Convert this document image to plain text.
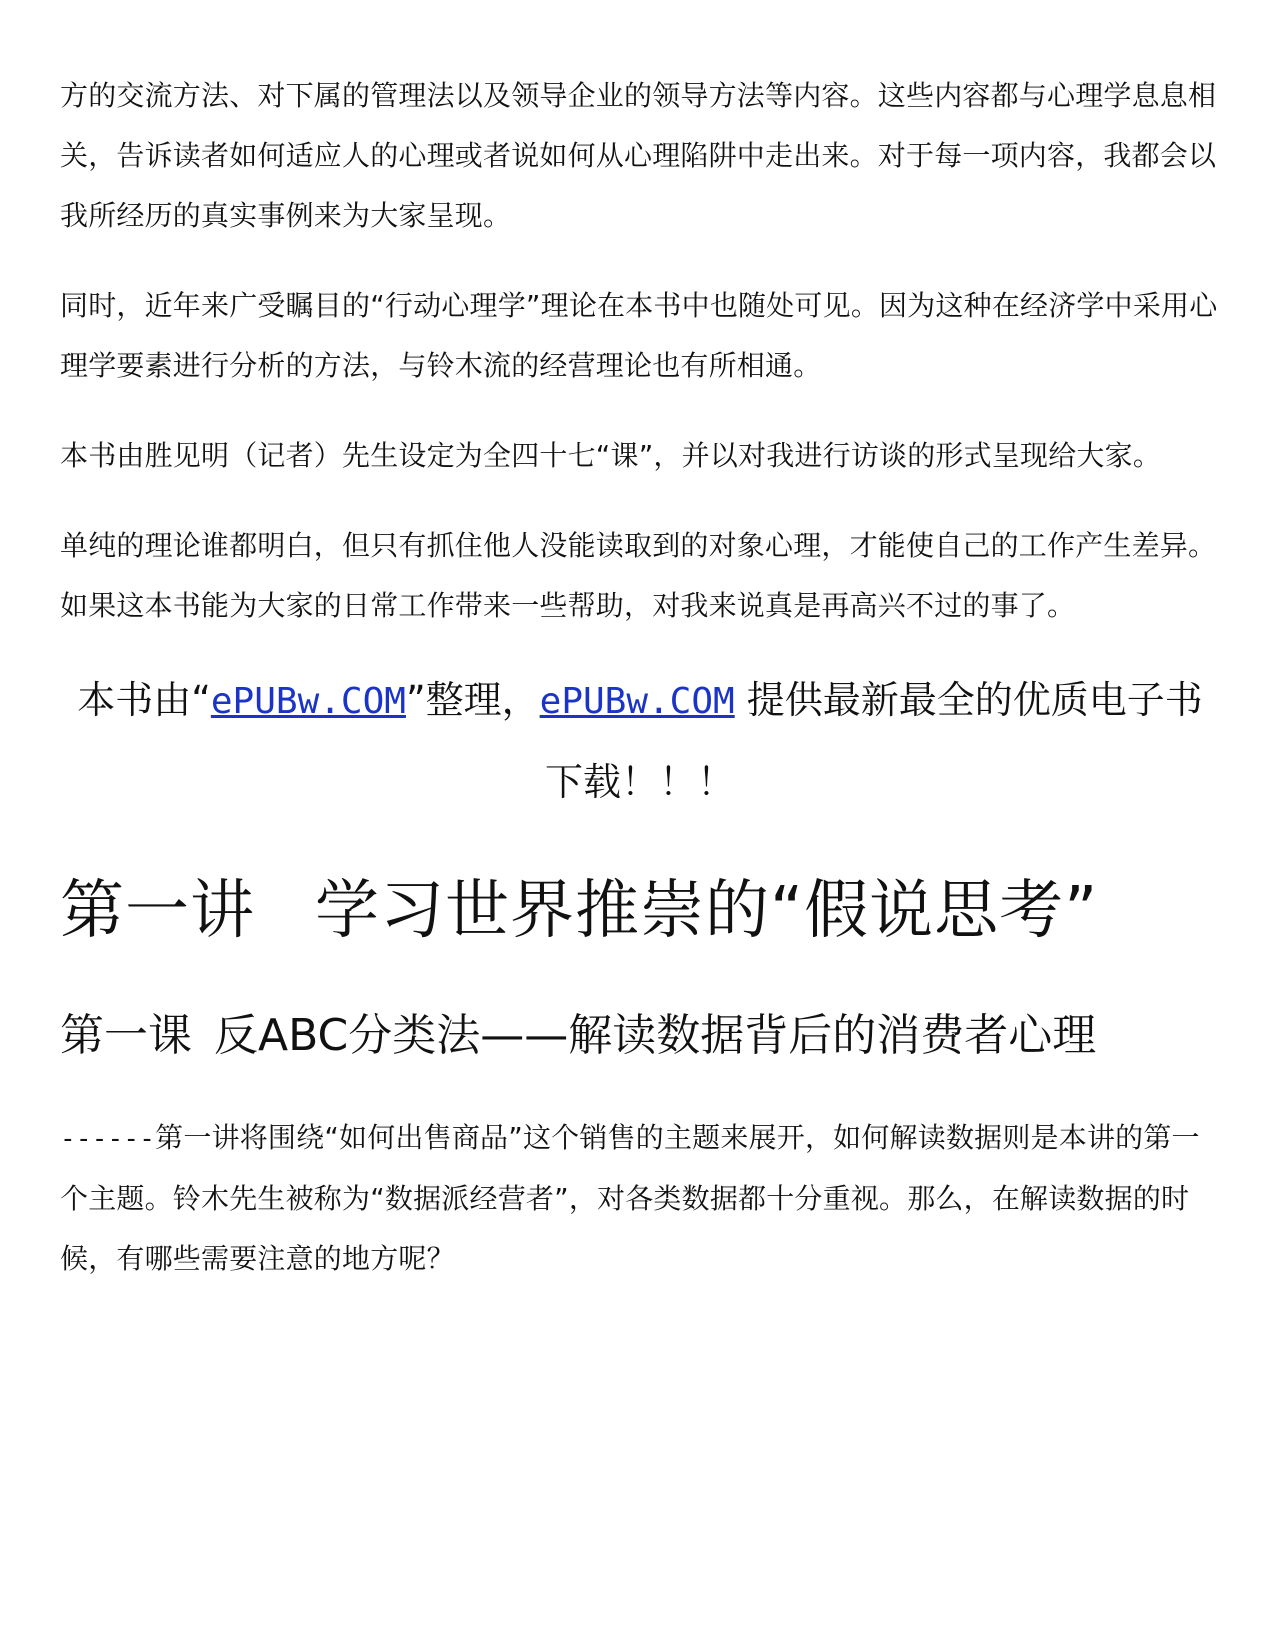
方的交流方法、对下属的管理法以及领导企业的领导方法等内容。这些内容都与心理学息息相关，告诉读者如何适应人的心理或者说如何从心理陷阱中走出来。对于每一项内容，我都会以我所经历的真实事例来为大家呈现。

同时，近年来广受瞩目的“行动心理学”理论在本书中也随处可见。因为这种在经济学中采用心理学要素进行分析的方法，与铃木流的经营理论也有所相通。

本书由胜见明（记者）先生设定为全四十七“课”，并以对我进行访谈的形式呈现给大家。

单纯的理论谁都明白，但只有抓住他人没能读取到的对象心理，才能使自己的工作产生差异。如果这本书能为大家的日常工作带来一些帮助，对我来说真是再高兴不过的事了。

本书由“ePUBw.COM”整理，ePUBw.COM 提供最新最全的优质电子书下载！！！
第一讲 学习世界推崇的“假说思考”
第一课 反ABC分类法——解读数据背后的消费者心理

------第一讲将围绕“如何出售商品”这个销售的主题来展开，如何解读数据则是本讲的第一个主题。铃木先生被称为“数据派经营者”，对各类数据都十分重视。那么，在解读数据的时候，有哪些需要注意的地方呢？
